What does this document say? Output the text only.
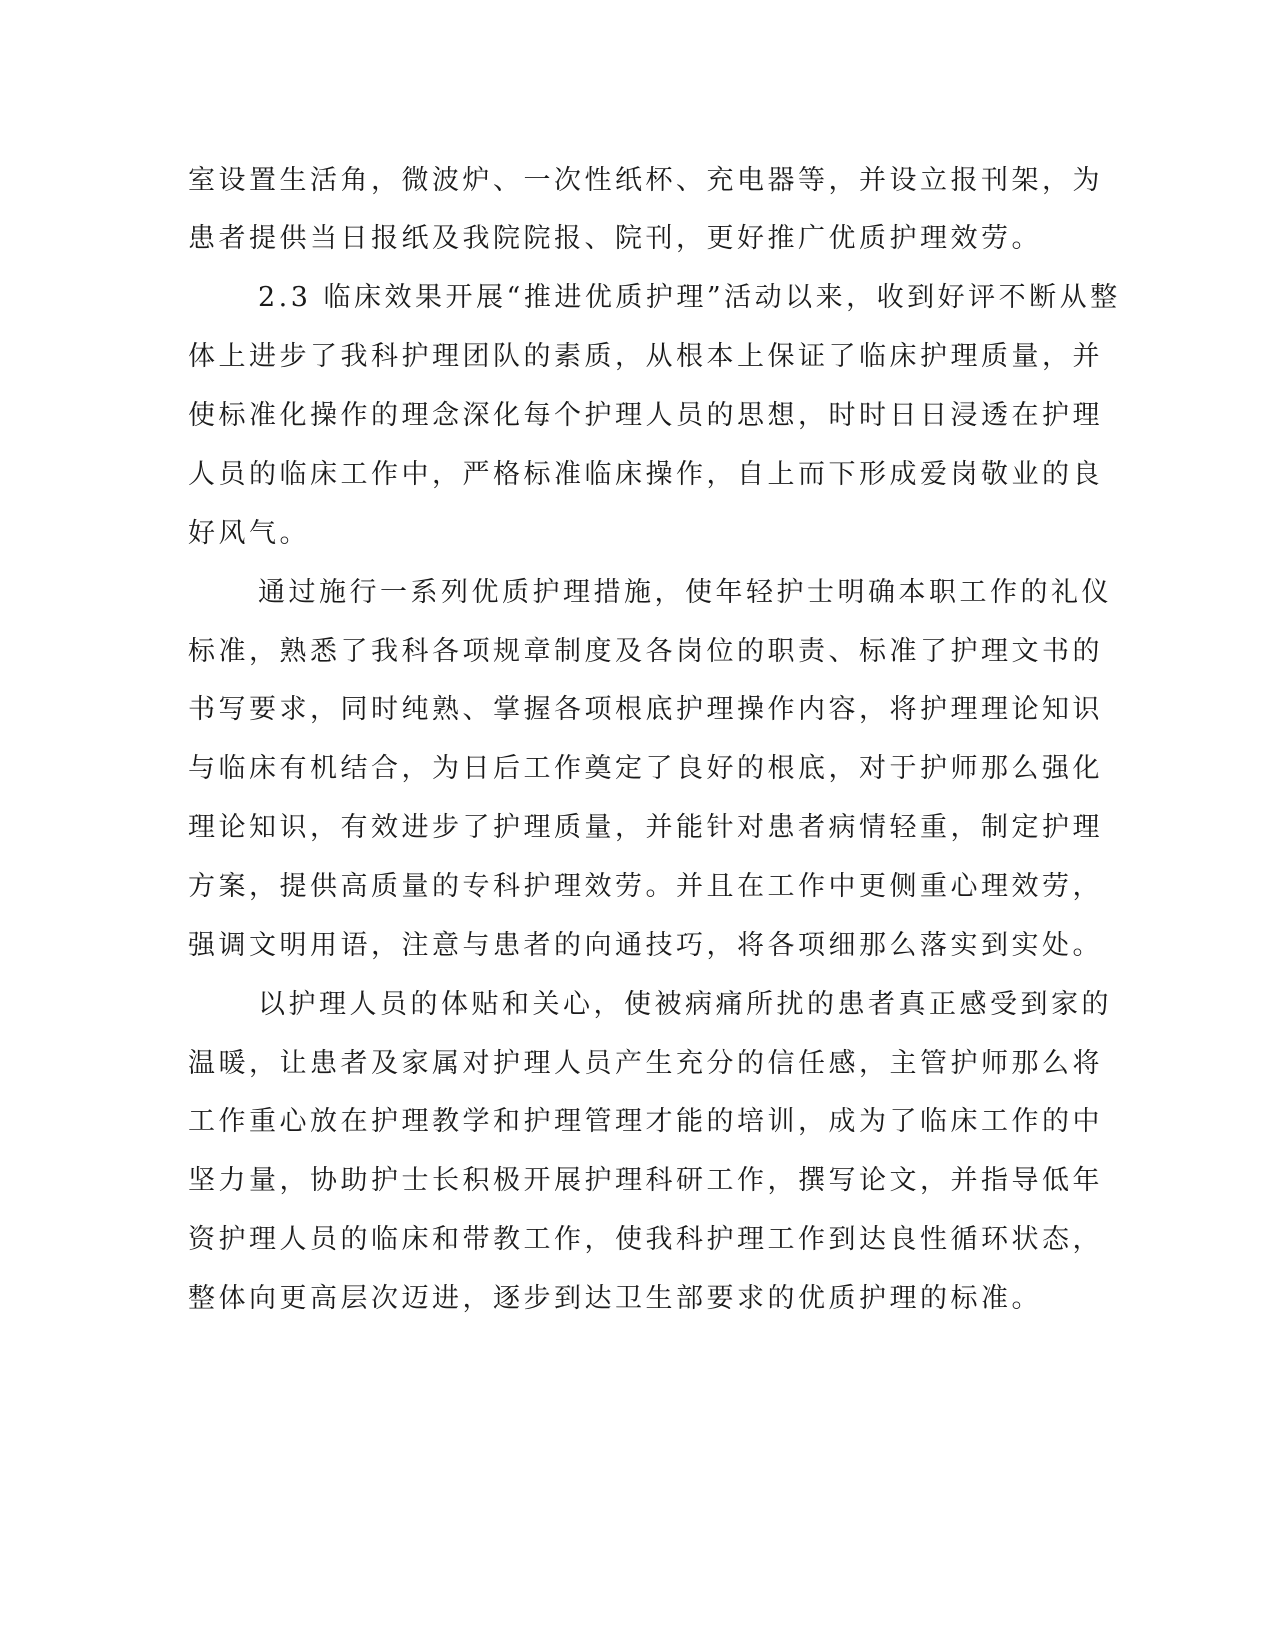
室设置生活角，微波炉、一次性纸杯、充电器等，并设立报刊架，为
患者提供当日报纸及我院院报、院刊，更好推广优质护理效劳。
2.3 临床效果开展“推进优质护理”活动以来，收到好评不断从整
体上进步了我科护理团队的素质，从根本上保证了临床护理质量，并
使标准化操作的理念深化每个护理人员的思想，时时日日浸透在护理
人员的临床工作中，严格标准临床操作，自上而下形成爱岗敬业的良
好风气。
通过施行一系列优质护理措施，使年轻护士明确本职工作的礼仪
标准，熟悉了我科各项规章制度及各岗位的职责、标准了护理文书的
书写要求，同时纯熟、掌握各项根底护理操作内容，将护理理论知识
与临床有机结合，为日后工作奠定了良好的根底，对于护师那么强化
理论知识，有效进步了护理质量，并能针对患者病情轻重，制定护理
方案，提供高质量的专科护理效劳。并且在工作中更侧重心理效劳，
强调文明用语，注意与患者的向通技巧，将各项细那么落实到实处。
以护理人员的体贴和关心，使被病痛所扰的患者真正感受到家的
温暖，让患者及家属对护理人员产生充分的信任感，主管护师那么将
工作重心放在护理教学和护理管理才能的培训，成为了临床工作的中
坚力量，协助护士长积极开展护理科研工作，撰写论文，并指导低年
资护理人员的临床和带教工作，使我科护理工作到达良性循环状态，
整体向更高层次迈进，逐步到达卫生部要求的优质护理的标准。
